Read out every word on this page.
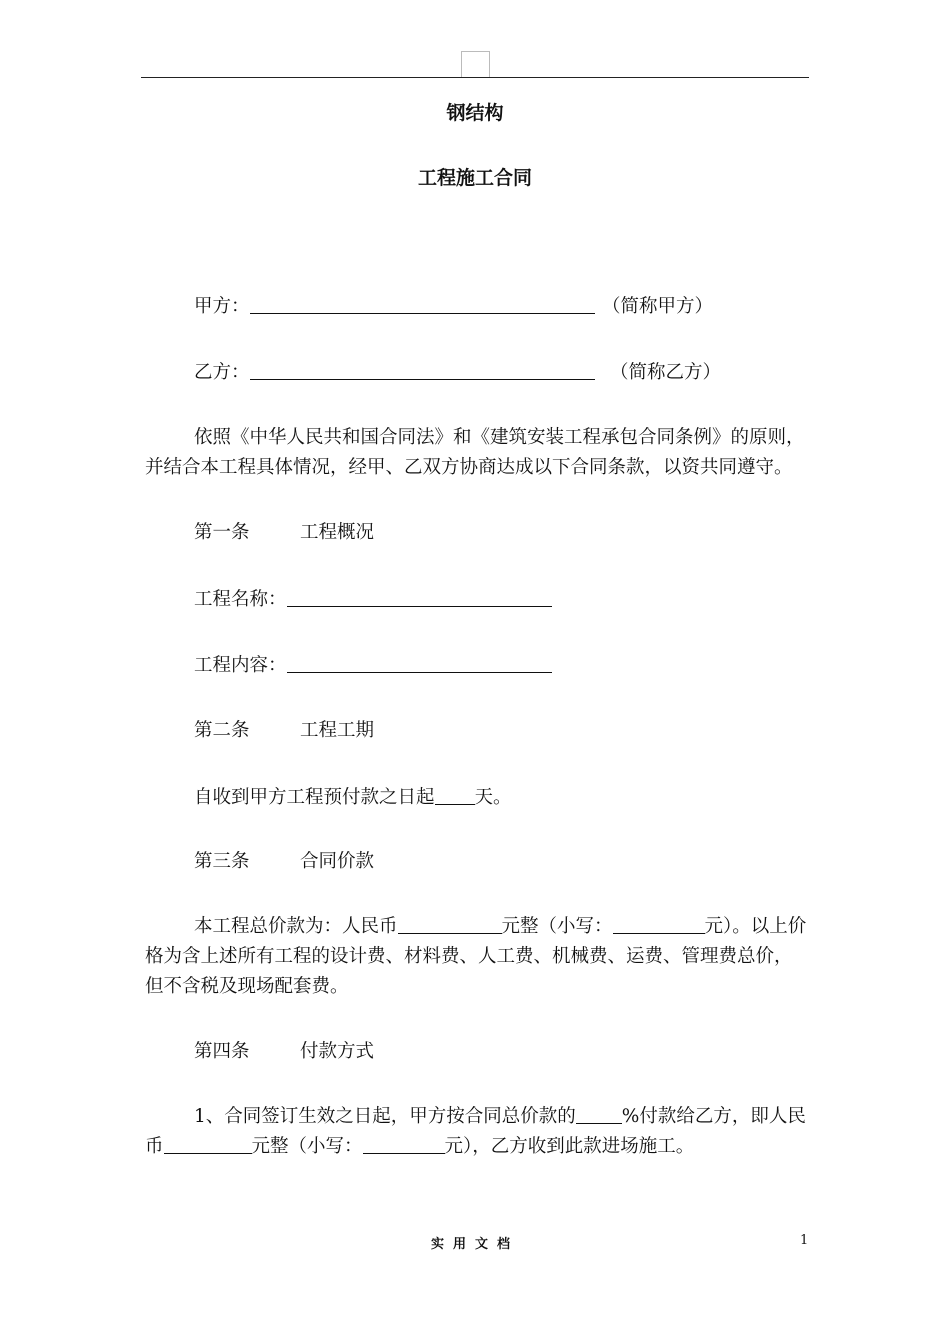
钢结构
工程施工合同
甲方：	（简称甲方）
乙方：	（简称乙方）
依照《中华人民共和国合同法》和《建筑安装工程承包合同条例》的原则，
并结合本工程具体情况，经甲、乙双方协商达成以下合同条款，以资共同遵守。
第一条	工程概况
工程名称：
工程内容：
第二条	工程工期
自收到甲方工程预付款之日起 天。
第三条	合同价款
本工程总价款为：人民币	元整（小写：	元）。以上价
格为含上述所有工程的设计费、材料费、人工费、机械费、运费、管理费总价，
但不含税及现场配套费。
第四条	付款方式
1、合同签订生效之日起，甲方按合同总价款的 %付款给乙方，即人民
币	元整（小写：	元），乙方收到此款进场施工。
实用文档	1
